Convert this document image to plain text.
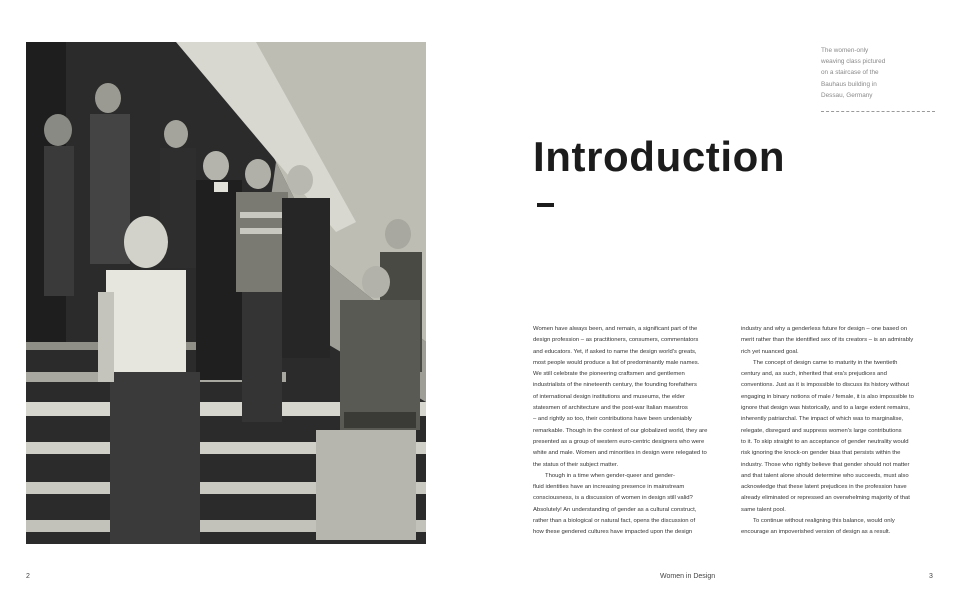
2
The women-only
weaving class pictured
on a staircase of the
Bauhaus building in
Dessau, Germany
Introduction
Women have always been, and remain, a significant part of the
design profession – as practitioners, consumers, commentators
and educators. Yet, if asked to name the design world's greats,
most people would produce a list of predominantly male names.
We still celebrate the pioneering craftsmen and gentlemen
industrialists of the nineteenth century, the founding forefathers
of international design institutions and museums, the elder
statesmen of architecture and the post-war Italian maestros
– and rightly so too, their contributions have been undeniably
remarkable. Though in the context of our globalized world, they are
presented as a group of western euro-centric designers who were
white and male. Women and minorities in design were relegated to
the status of their subject matter.
Though in a time when gender-queer and gender-
fluid identities have an increasing presence in mainstream
consciousness, is a discussion of women in design still valid?
Absolutely! An understanding of gender as a cultural construct,
rather than a biological or natural fact, opens the discussion of
how these gendered cultures have impacted upon the design
industry and why a genderless future for design – one based on
merit rather than the identified sex of its creators – is an admirably
rich yet nuanced goal.
The concept of design came to maturity in the twentieth
century and, as such, inherited that era's prejudices and
conventions. Just as it is impossible to discuss its history without
engaging in binary notions of male / female, it is also impossible to
ignore that design was historically, and to a large extent remains,
inherently patriarchal. The impact of which was to marginalise,
relegate, disregard and suppress women's large contributions
to it. To skip straight to an acceptance of gender neutrality would
risk ignoring the knock-on gender bias that persists within the
industry. Those who rightly believe that gender should not matter
and that talent alone should determine who succeeds, must also
acknowledge that these latent prejudices in the profession have
already eliminated or repressed an overwhelming majority of that
same talent pool.
To continue without realigning this balance, would only
encourage an impoverished version of design as a result.
Women in Design	3
